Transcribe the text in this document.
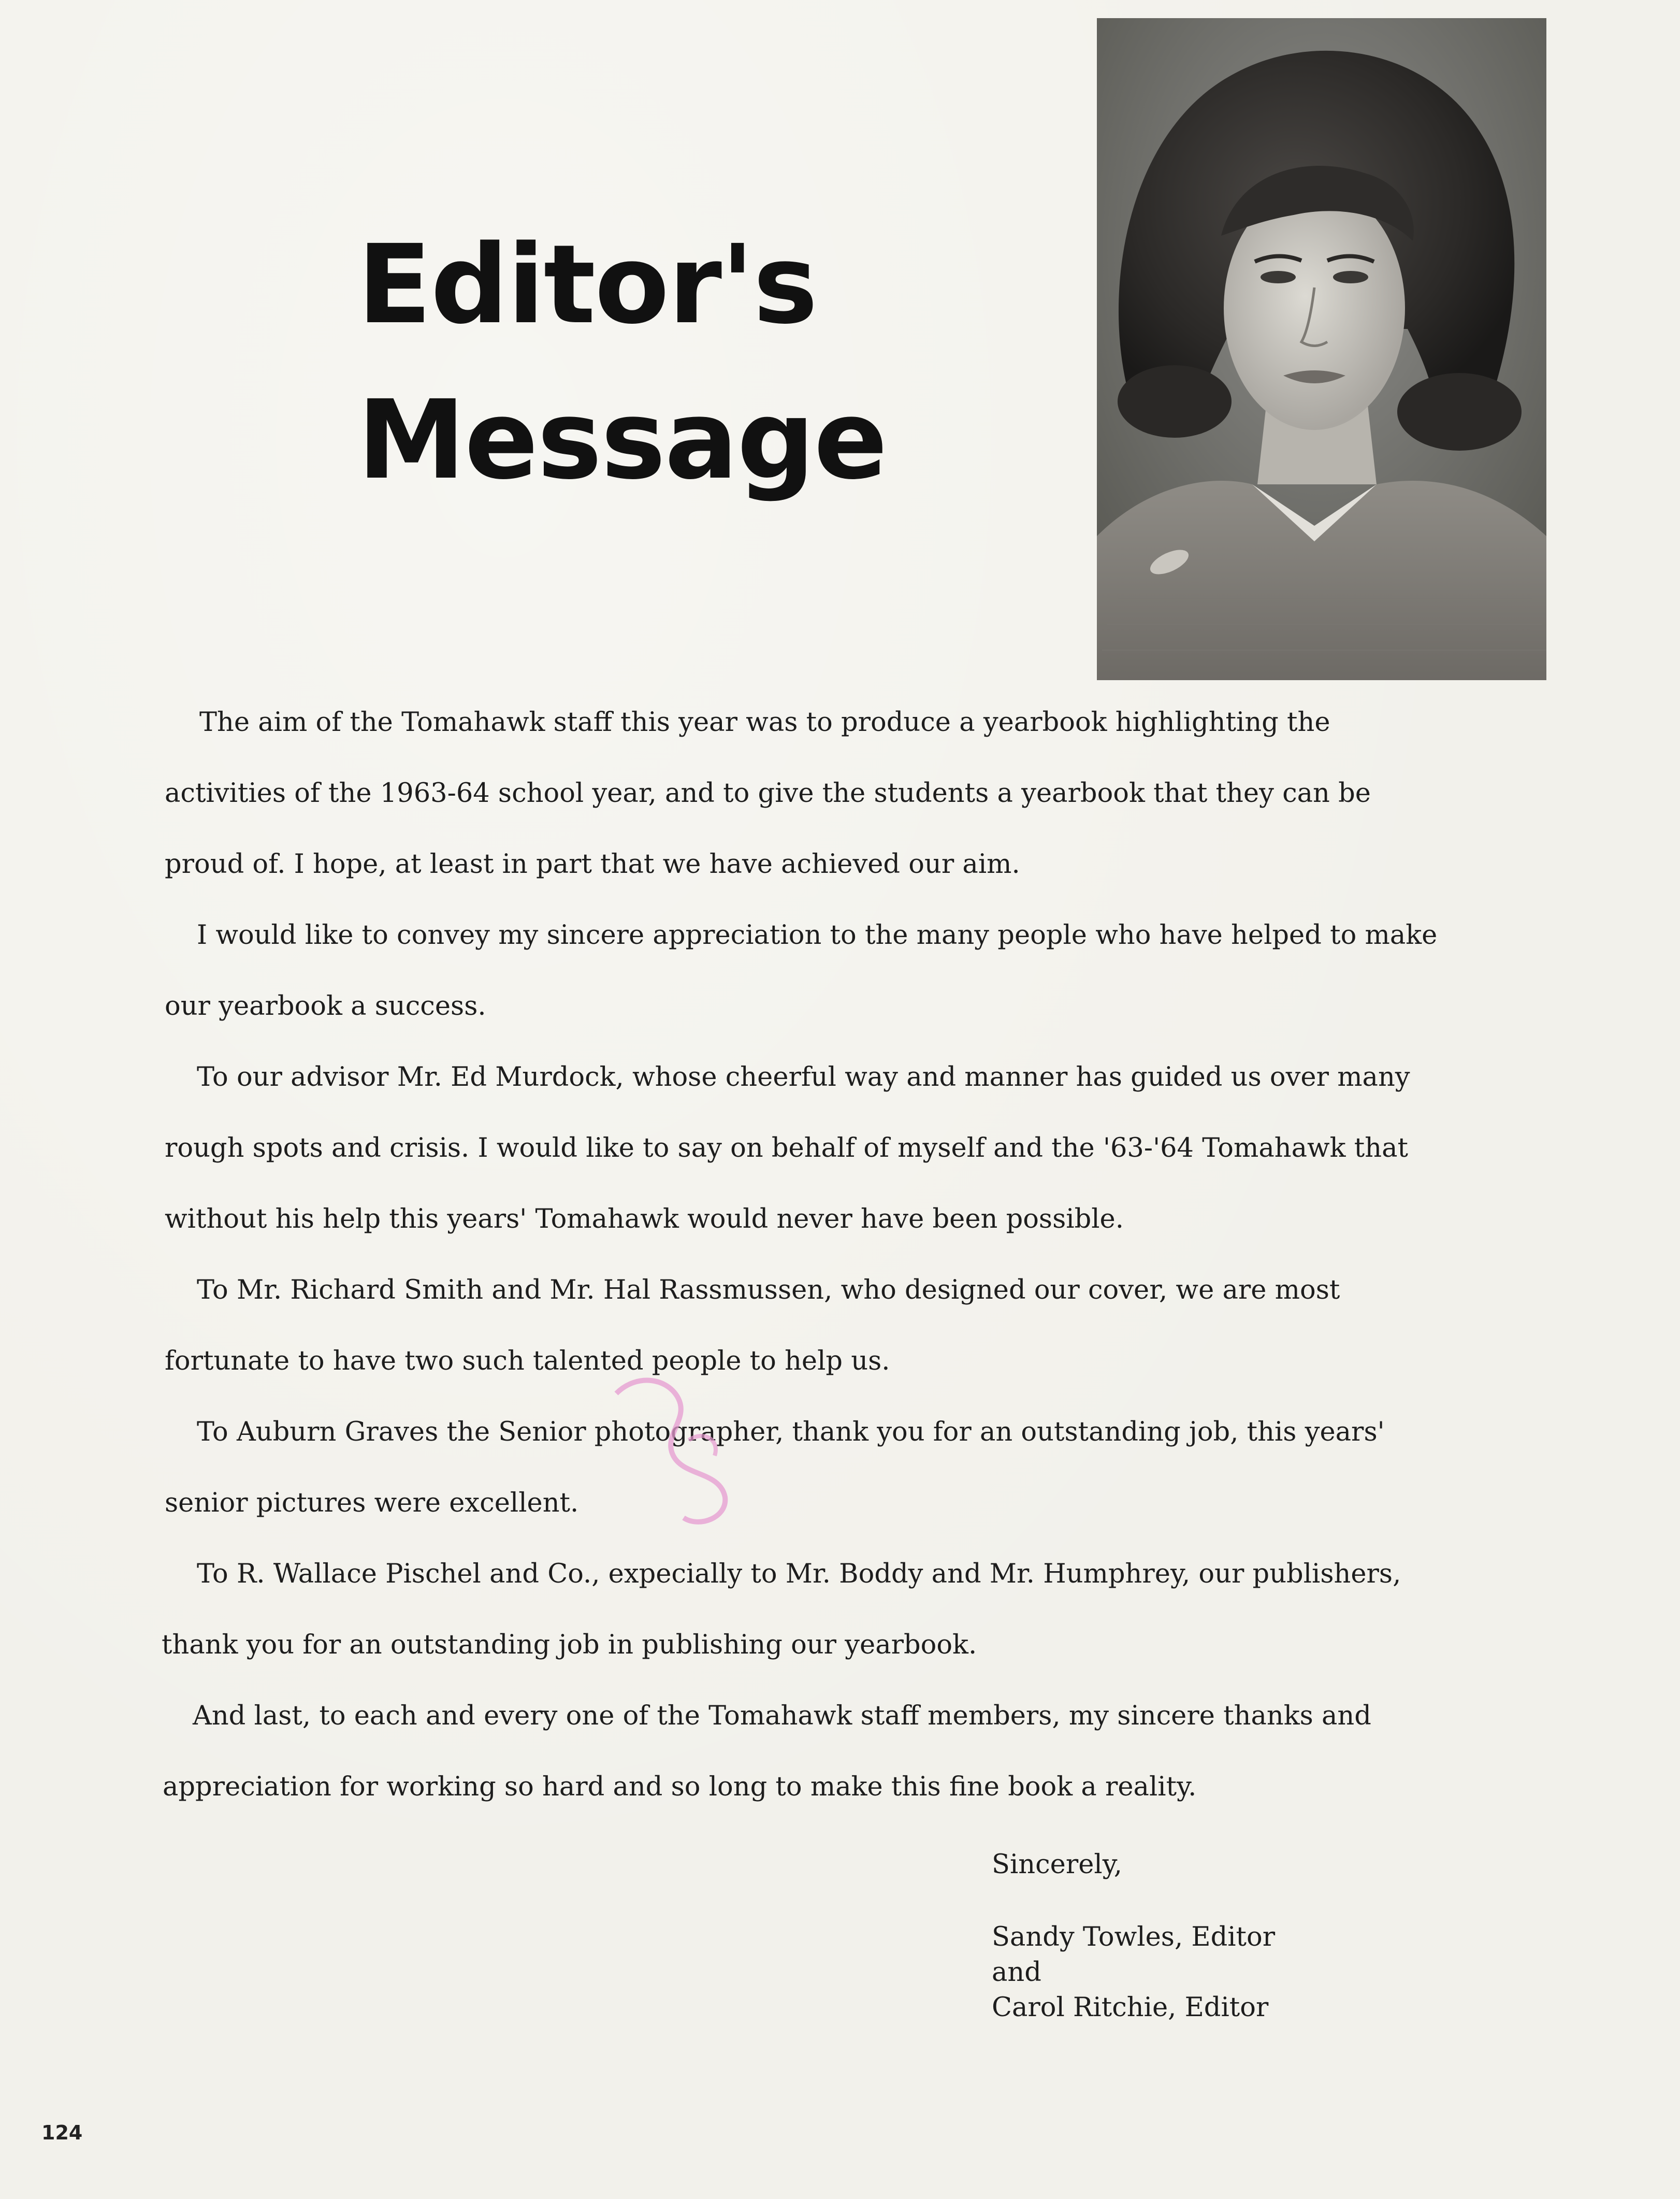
Editor's
Message
The aim of the Tomahawk staff this year was to produce a yearbook highlighting the
activities of the 1963-64 school year, and to give the students a yearbook that they can be
proud of. I hope, at least in part that we have achieved our aim.
I would like to convey my sincere appreciation to the many people who have helped to make
our yearbook a success.
To our advisor Mr. Ed Murdock, whose cheerful way and manner has guided us over many
rough spots and crisis. I would like to say on behalf of myself and the '63-'64 Tomahawk that
without his help this years' Tomahawk would never have been possible.
To Mr. Richard Smith and Mr. Hal Rassmussen, who designed our cover, we are most
fortunate to have two such talented people to help us.
To Auburn Graves the Senior photographer, thank you for an outstanding job, this years'
senior pictures were excellent.
To R. Wallace Pischel and Co., expecially to Mr. Boddy and Mr. Humphrey, our publishers,
thank you for an outstanding job in publishing our yearbook.
And last, to each and every one of the Tomahawk staff members, my sincere thanks and
appreciation for working so hard and so long to make this fine book a reality.
Sincerely,
Sandy Towles, Editor
and
Carol Ritchie, Editor
124
